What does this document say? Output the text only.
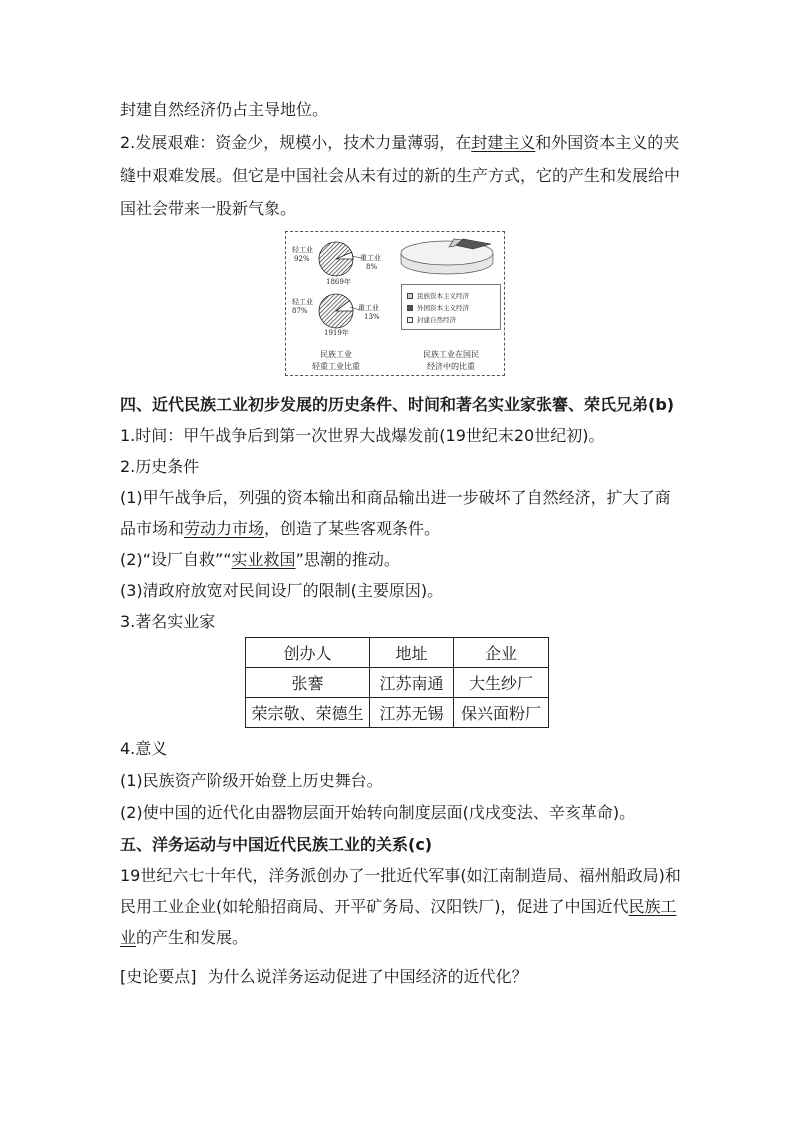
封建自然经济仍占主导地位。
2.发展艰难：资金少，规模小，技术力量薄弱，在封建主义和外国资本主义的夹
缝中艰难发展。但它是中国社会从未有过的新的生产方式，它的产生和发展给中
国社会带来一股新气象。
轻工业
92%	重工业
8%
1869年
轻工业
87%	重工业
13%
1919年
民族资本主义经济
外国资本主义经济
封建自然经济
民族工业
轻重工业比重
民族工业在国民
经济中的比重
四、近代民族工业初步发展的历史条件、时间和著名实业家张謇、荣氏兄弟(b)
1.时间：甲午战争后到第一次世界大战爆发前(19世纪末20世纪初)。
2.历史条件
(1)甲午战争后，列强的资本输出和商品输出进一步破坏了自然经济，扩大了商
品市场和劳动力市场，创造了某些客观条件。
(2)“设厂自救”“实业救国”思潮的推动。
(3)清政府放宽对民间设厂的限制(主要原因)。
3.著名实业家
创办人	地址	企业
张謇	江苏南通	大生纱厂
荣宗敬、荣德生	江苏无锡	保兴面粉厂
4.意义
(1)民族资产阶级开始登上历史舞台。
(2)使中国的近代化由器物层面开始转向制度层面(戊戌变法、辛亥革命)。
五、洋务运动与中国近代民族工业的关系(c)
19世纪六七十年代，洋务派创办了一批近代军事(如江南制造局、福州船政局)和
民用工业企业(如轮船招商局、开平矿务局、汉阳铁厂)，促进了中国近代民族工
业的产生和发展。
[史论要点] 为什么说洋务运动促进了中国经济的近代化？
